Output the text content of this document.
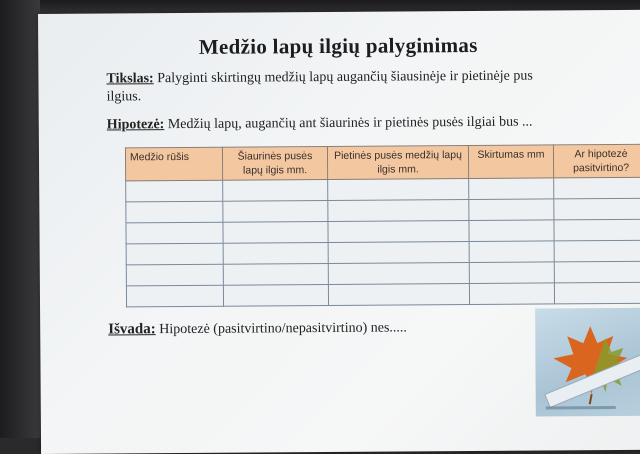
Medžio lapų ilgių palyginimas
Tikslas: Palyginti skirtingų medžių lapų augančių šiausinėje ir pietinėje pus
ilgius.
Hipotezė: Medžių lapų, augančių ant šiaurinės ir pietinės pusės ilgiai bus ...
Medžio rūšis	Šiaurinės pusės lapų ilgis mm.	Pietinės pusės medžių lapų ilgis mm.	Skirtumas mm	Ar hipotezė pasitvirtino?

Išvada: Hipotezė (pasitvirtino/nepasitvirtino) nes.....
